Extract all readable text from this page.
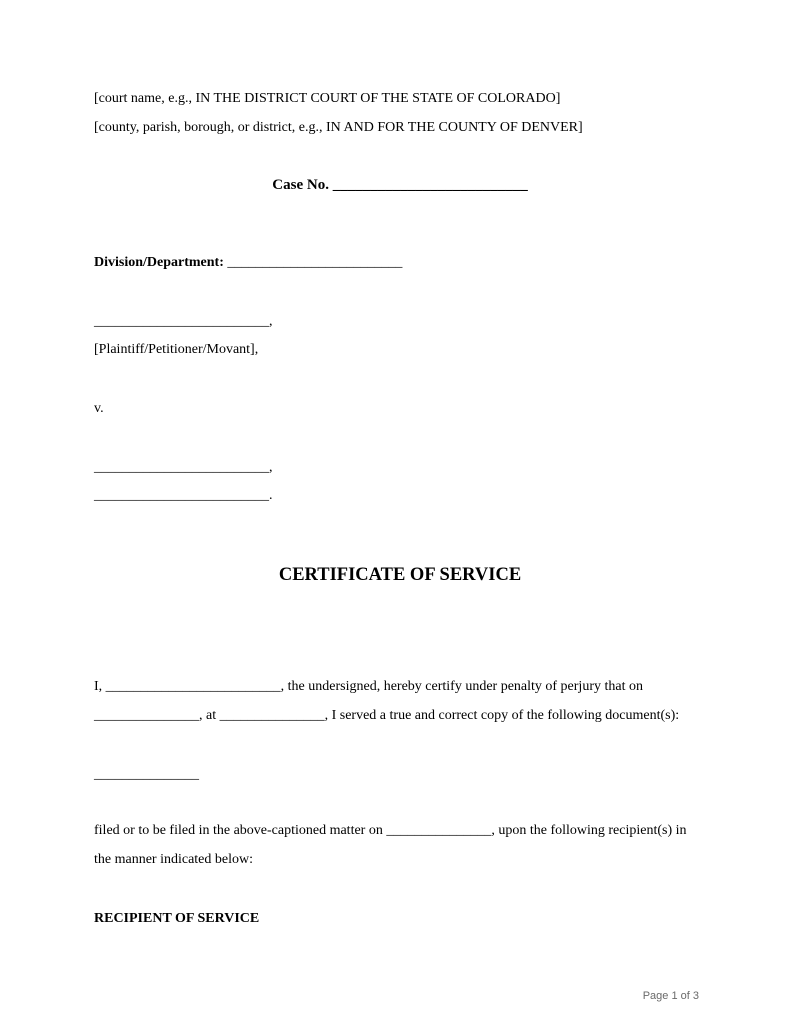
[court name, e.g., IN THE DISTRICT COURT OF THE STATE OF COLORADO]
[county, parish, borough, or district, e.g., IN AND FOR THE COUNTY OF DENVER]
Case No. __________________________
Division/Department: _________________________
_________________________,
[Plaintiff/Petitioner/Movant],
v.
_________________________,
_________________________.
CERTIFICATE OF SERVICE
I, _________________________, the undersigned, hereby certify under penalty of perjury that on
_______________, at _______________, I served a true and correct copy of the following document(s):
_______________
filed or to be filed in the above-captioned matter on _______________, upon the following recipient(s) in
the manner indicated below:
RECIPIENT OF SERVICE
Page 1 of 3
